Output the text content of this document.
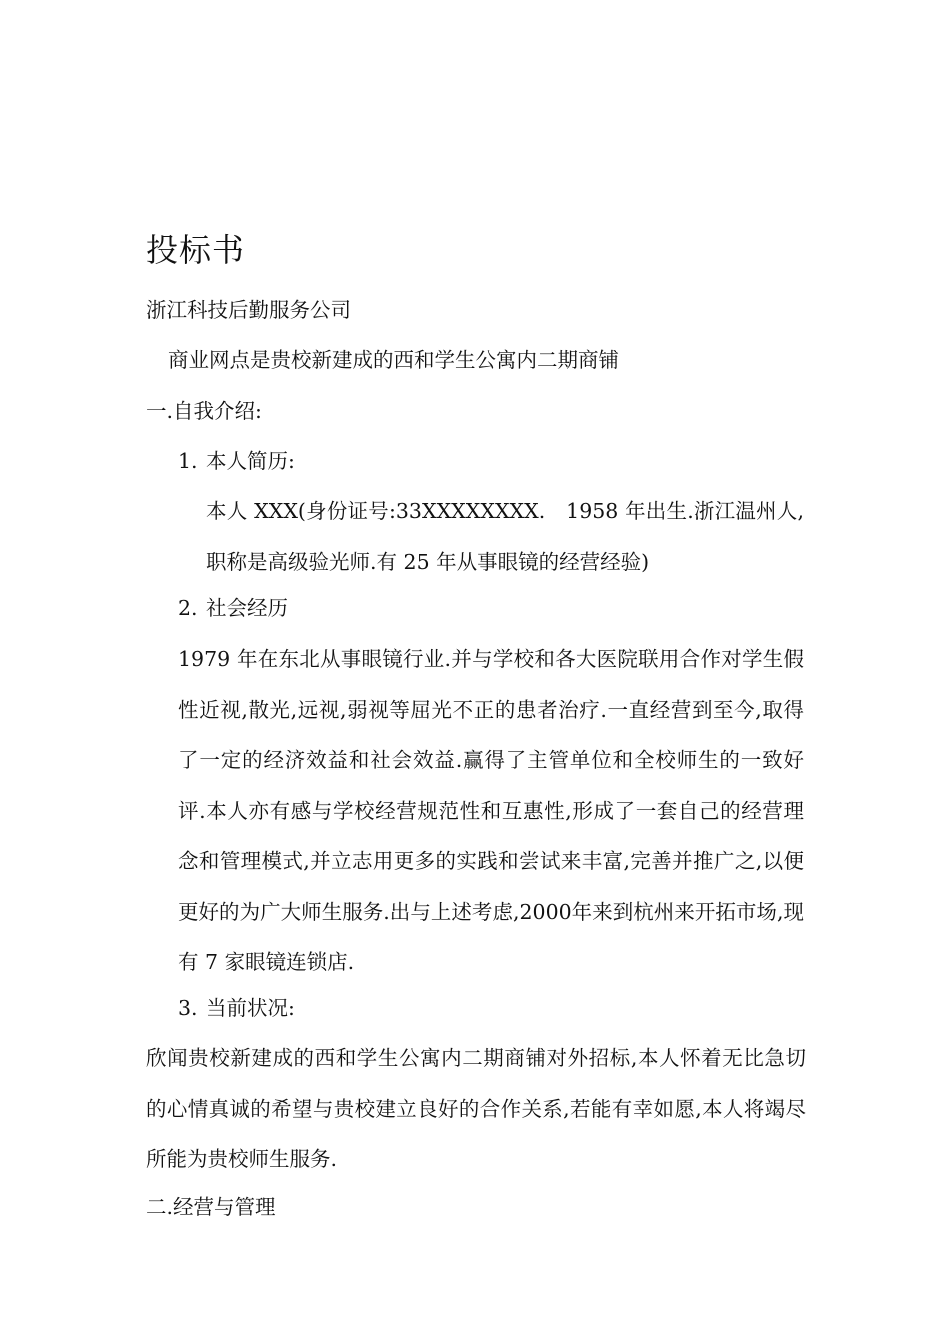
投标书
浙江科技后勤服务公司
商业网点是贵校新建成的西和学生公寓内二期商铺
一.自我介绍:
1. 本人简历:
本人 XXX(身份证号:33XXXXXXXX.　1958 年出生.浙江温州人,职称是高级验光师.有 25 年从事眼镜的经营经验)
2. 社会经历
1979 年在东北从事眼镜行业.并与学校和各大医院联用合作对学生假性近视,散光,远视,弱视等屈光不正的患者治疗.一直经营到至今,取得了一定的经济效益和社会效益.赢得了主管单位和全校师生的一致好评.本人亦有感与学校经营规范性和互惠性,形成了一套自己的经营理念和管理模式,并立志用更多的实践和尝试来丰富,完善并推广之,以便更好的为广大师生服务.出与上述考虑,2000年来到杭州来开拓市场,现有 7 家眼镜连锁店.
3. 当前状况:
欣闻贵校新建成的西和学生公寓内二期商铺对外招标,本人怀着无比急切的心情真诚的希望与贵校建立良好的合作关系,若能有幸如愿,本人将竭尽所能为贵校师生服务.
二.经营与管理
